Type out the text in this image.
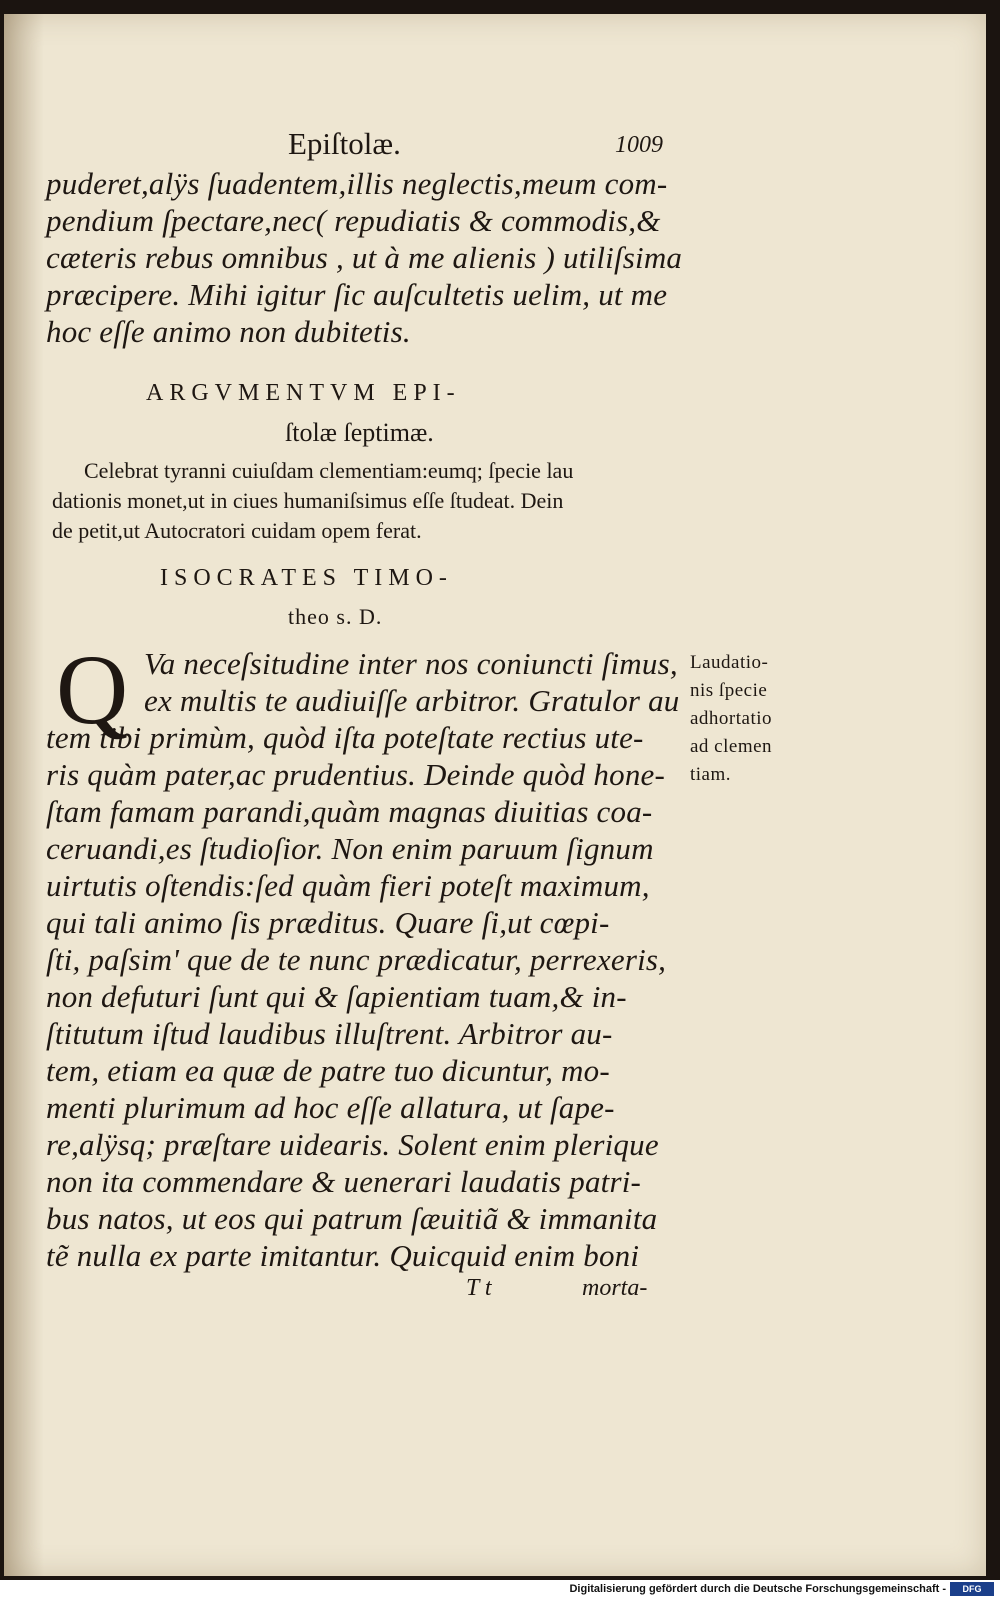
Epiſtolæ.	1009
puderet,alÿs ſuadentem,illis neglectis,meum com-
pendium ſpectare,nec( repudiatis & commodis,&
cæteris rebus omnibus , ut à me alienis ) utiliſsima
præcipere. Mihi igitur ſic auſcultetis uelim, ut me
hoc eſſe animo non dubitetis.
ARGVMENTVM EPI-
ſtolæ ſeptimæ.
Celebrat tyranni cuiuſdam clementiam:eumq; ſpecie lau
dationis monet,ut in ciues humaniſsimus eſſe ſtudeat. Dein
de petit,ut Autocratori cuidam opem ferat.
ISOCRATES TIMO-
theo s. D.
Q Va neceſsitudine inter nos coniuncti ſimus,
ex multis te audiuiſſe arbitror. Gratulor au
tem tibi primùm, quòd iſta poteſtate rectius ute-
ris quàm pater,ac prudentius. Deinde quòd hone-
ſtam famam parandi,quàm magnas diuitias coa-
ceruandi,es ſtudioſior. Non enim paruum ſignum
uirtutis oſtendis:ſed quàm fieri poteſt maximum,
qui tali animo ſis præditus. Quare ſi,ut cœpi-
ſti, paſsim' que de te nunc prædicatur, perrexeris,
non defuturi ſunt qui & ſapientiam tuam,& in-
ſtitutum iſtud laudibus illuſtrent. Arbitror au-
tem, etiam ea quæ de patre tuo dicuntur, mo-
menti plurimum ad hoc eſſe allatura, ut ſape-
re,alÿsq; præſtare uidearis. Solent enim plerique
non ita commendare & uenerari laudatis patri-
bus natos, ut eos qui patrum ſæuitiã & immanita
tẽ nulla ex parte imitantur. Quicquid enim boni
T t	morta-
Laudatio-
nis ſpecie
adhortatio
ad clemen
tiam.
Digitalisierung gefördert durch die Deutsche Forschungsgemeinschaft -	DFG
